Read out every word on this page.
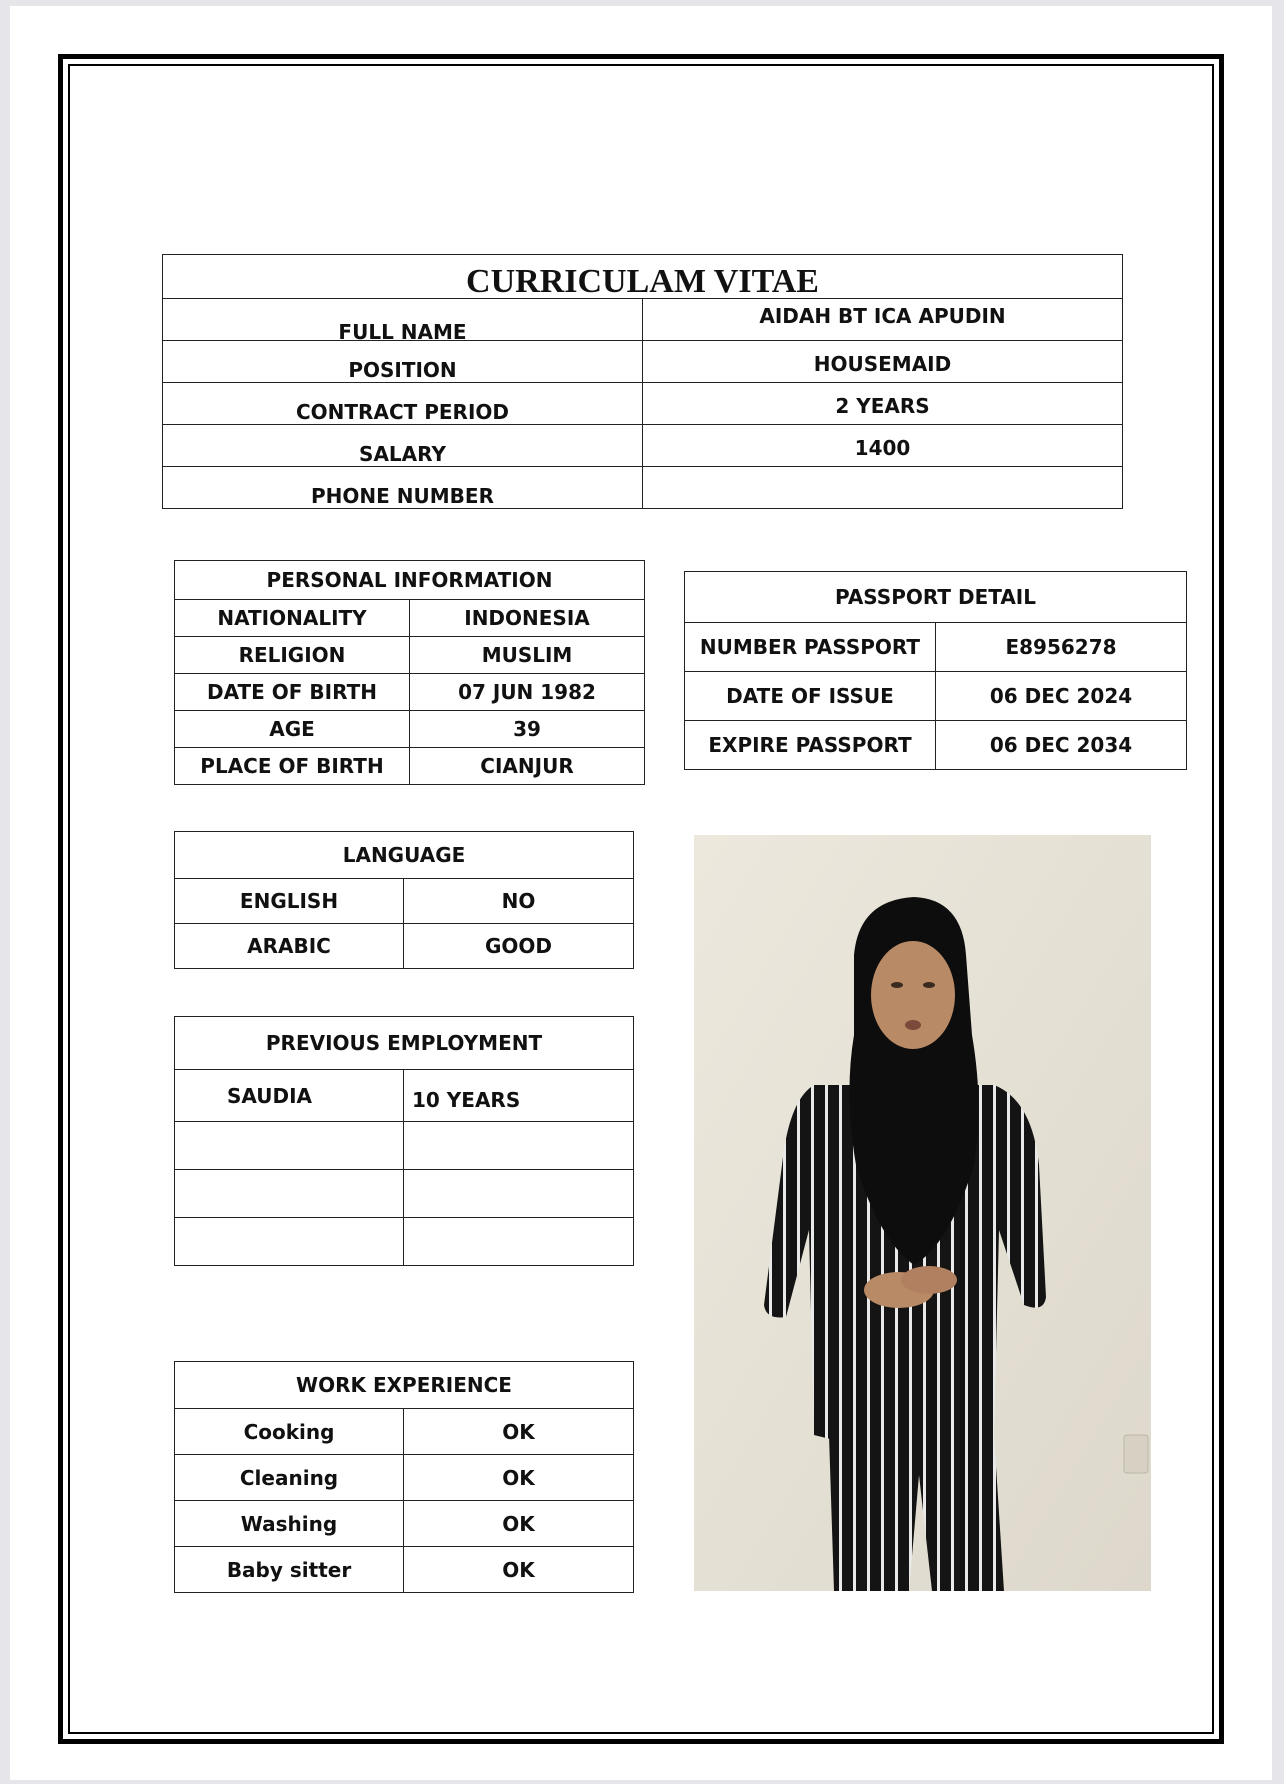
CURRICULAM VITAE	
FULL NAME	AIDAH BT ICA APUDIN
POSITION	HOUSEMAID
CONTRACT PERIOD	2 YEARS
SALARY	1400
PHONE NUMBER	
PERSONAL INFORMATION	
NATIONALITY	INDONESIA
RELIGION	MUSLIM
DATE OF BIRTH	07 JUN 1982
AGE	39
PLACE OF BIRTH	CIANJUR
PASSPORT DETAIL	
NUMBER PASSPORT	E8956278
DATE OF ISSUE	06 DEC 2024
EXPIRE PASSPORT	06 DEC 2034
LANGUAGE	
ENGLISH	NO
ARABIC	GOOD
PREVIOUS EMPLOYMENT	
SAUDIA	10 YEARS

WORK EXPERIENCE	
Cooking	OK
Cleaning	OK
Washing	OK
Baby sitter	OK
